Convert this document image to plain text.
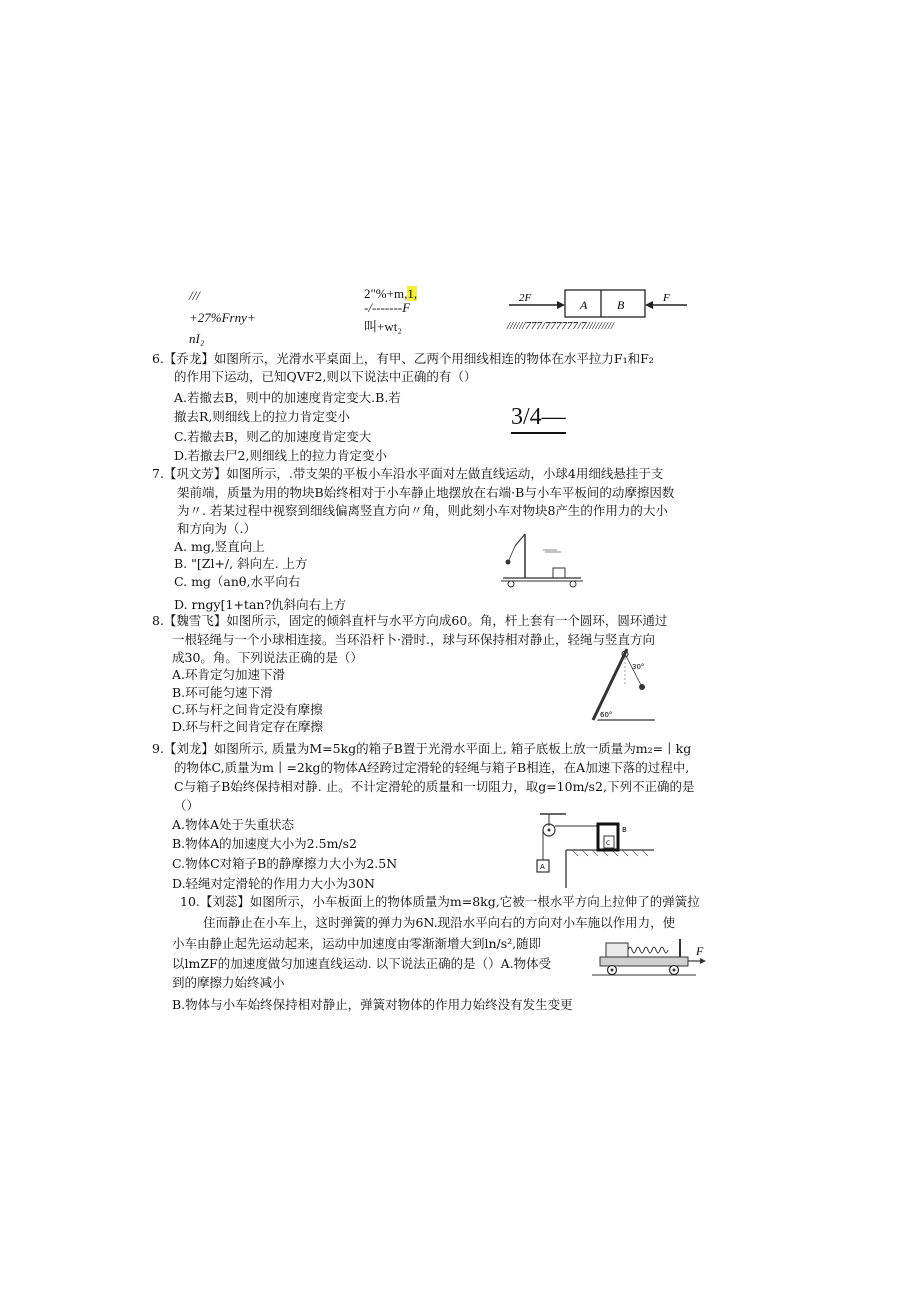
///
+27%Frny+
nI₂
2"%+m,1,
-/-------F
叫+wt₂
2F	A B	F
//////777/777777/7/////////
6.【乔龙】如图所示，光滑水平桌面上，有甲、乙两个用细线相连的物体在水平拉力F₁和F₂
的作用下运动，已知QVF2,则以下说法中正确的有（）
A.若撤去B，则中的加速度肯定变大.B.若
撤去R,则细线上的拉力肯定变小
C.若撤去B，则乙的加速度肯定变大
D.若撤去尸2,则细线上的拉力肯定变小
3/4—
7.【巩文芳】如图所示，.带支架的平板小车沿水平面对左做直线运动，小球4用细线悬挂于支
架前端，质量为用的物块B始终相对于小车静止地摆放在右端·B与小车平板间的动摩擦因数
为〃. 若某过程中视察到细线偏离竖直方向〃角，则此刻小车对物块8产生的作用力的大小
和方向为（.）
A. mg,竖直向上
B. "[Zl+/, 斜向左. 上方
C. mg（anθ,水平向右
D. rngy[1+tan?仇斜向右上方
8.【魏雪飞】如图所示，固定的倾斜直杆与水平方向成60。角，杆上套有一个圆环，圆环通过
一根轻绳与一个小球相连接。当环沿杆卜·滑时.，球与环保持相对静止，轻绳与竖直方向
成30。角。下列说法正确的是（）
A.环肯定匀加速下滑
B.环可能匀速下滑
C.环与杆之间肯定没有摩擦
D.环与杆之间肯定存在摩擦
30°
60°
9.【刘龙】如图所示, 质量为M=5kg的箱子B置于光滑水平面上, 箱子底板上放一质量为m₂=丨kg
的物体C,质量为m丨=2kg的物体A经跨过定滑轮的轻绳与箱子B相连，在A加速下落的过程中,
C与箱子B始终保持相对静. 止。不计定滑轮的质量和一切阻力，取g=10m∕s2,下列不正确的是
（）
A.物体A处于失重状态
B.物体A的加速度大小为2.5m∕s2
C.物体C对箱子B的静摩擦力大小为2.5N
D.轻绳对定滑轮的作用力大小为30N
C
B
A
10.【刘蕊】如图所示，小车板面上的物体质量为m=8kg,它被一根水平方向上拉伸了的弹簧拉
住而静止在小车上，这时弹簧的弹力为6N.现沿水平向右的方向对小车施以作用力，使
小车由静止起先运动起来，运动中加速度由零渐渐增大到ln∕s²,随即
以lmZF的加速度做匀加速直线运动. 以下说法正确的是（）A.物体受
到的摩擦力始终减小
B.物体与小车始终保持相对静止，弹簧对物体的作用力始终没有发生变更
F
